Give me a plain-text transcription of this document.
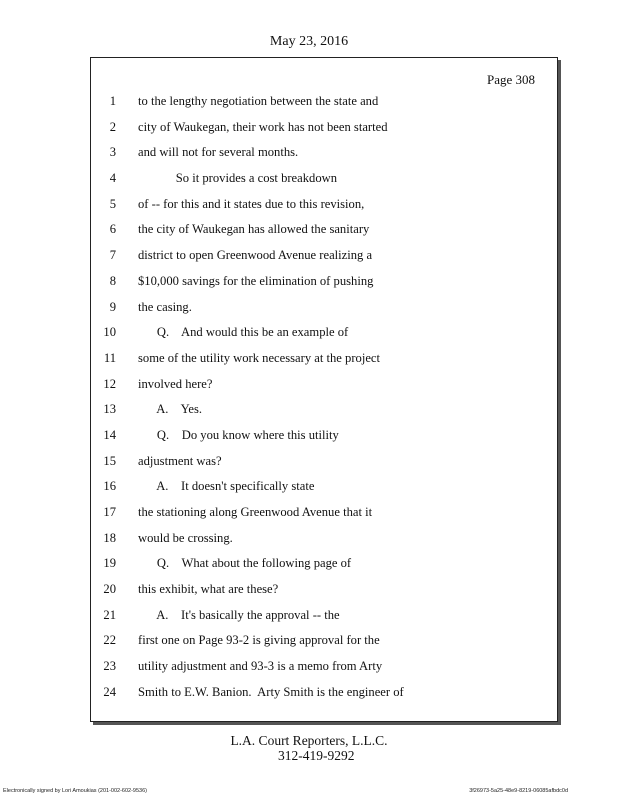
May 23, 2016
Page 308
1 to the lengthy negotiation between the state and
2 city of Waukegan, their work has not been started
3 and will not for several months.
4 So it provides a cost breakdown
5 of -- for this and it states due to this revision,
6 the city of Waukegan has allowed the sanitary
7 district to open Greenwood Avenue realizing a
8 $10,000 savings for the elimination of pushing
9 the casing.
10 Q.    And would this be an example of
11 some of the utility work necessary at the project
12 involved here?
13 A.    Yes.
14 Q.    Do you know where this utility
15 adjustment was?
16 A.    It doesn't specifically state
17 the stationing along Greenwood Avenue that it
18 would be crossing.
19 Q.    What about the following page of
20 this exhibit, what are these?
21 A.    It's basically the approval -- the
22 first one on Page 93-2 is giving approval for the
23 utility adjustment and 93-3 is a memo from Arty
24 Smith to E.W. Banion.  Arty Smith is the engineer of
L.A. Court Reporters, L.L.C.
312-419-9292
Electronically signed by Lori Amoukias (201-002-602-9536)	3f26973-5a25-48e9-8219-06085afbdc0d
